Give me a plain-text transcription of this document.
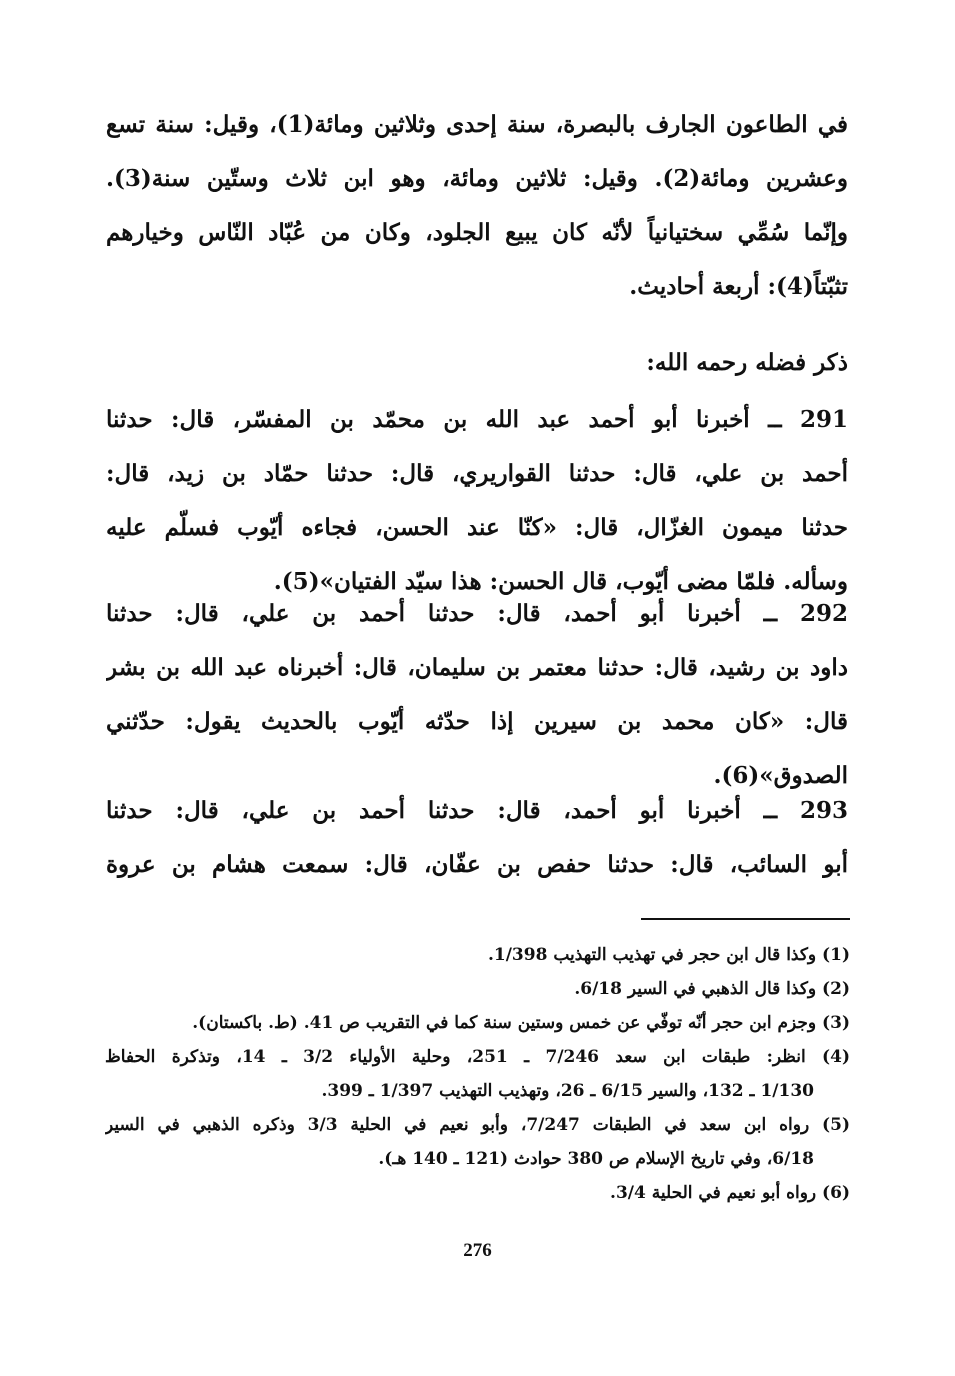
في الطاعون الجارف بالبصرة، سنة إحدى وثلاثين ومائة(1)، وقيل: سنة تسع
وعشرين ومائة(2). وقيل: ثلاثين ومائة، وهو ابن ثلاث وستّين سنة(3).
وإنّما سُمِّي سختيانياً لأنّه كان يبيع الجلود، وكان من عُبّاد النّاس وخيارهم
تثبّتاً(4): أربعة أحاديث.
ذكر فضله رحمه الله:
291 ــ أخبرنا أبو أحمد عبد الله بن محمّد بن المفسّر، قال: حدثنا
أحمد بن علي، قال: حدثنا القواريري، قال: حدثنا حمّاد بن زيد، قال:
حدثنا ميمون الغزّال، قال: «كنّا عند الحسن، فجاءه أيّوب فسلّم عليه
وسأله. فلمّا مضى أيّوب، قال الحسن: هذا سيّد الفتيان»(5).
292 ــ أخبرنا أبو أحمد، قال: حدثنا أحمد بن علي، قال: حدثنا
داود بن رشيد، قال: حدثنا معتمر بن سليمان، قال: أخبرناه عبد الله بن بشر
قال: «كان محمد بن سيرين إذا حدّثه أيّوب بالحديث يقول: حدّثني
الصدوق»(6).
293 ــ أخبرنا أبو أحمد، قال: حدثنا أحمد بن علي، قال: حدثنا
أبو السائب، قال: حدثنا حفص بن عفّان، قال: سمعت هشام بن عروة
(1) وكذا قال ابن حجر في تهذيب التهذيب 1/398.
(2) وكذا قال الذهبي في السير 6/18.
(3) وجزم ابن حجر أنّه توفّي عن خمس وستين سنة كما في التقريب ص 41. (ط. باكستان).
(4) انظر: طبقات ابن سعد 7/246 ـ 251، وحلية الأولياء 3/2 ـ 14، وتذكرة الحفاظ
1/130 ـ 132، والسير 6/15 ـ 26، وتهذيب التهذيب 1/397 ـ 399.
(5) رواه ابن سعد في الطبقات 7/247، وأبو نعيم في الحلية 3/3 وذكره الذهبي في السير
6/18، وفي تاريخ الإسلام ص 380 حوادث (121 ـ 140 هـ).
(6) رواه أبو نعيم في الحلية 3/4.
276
